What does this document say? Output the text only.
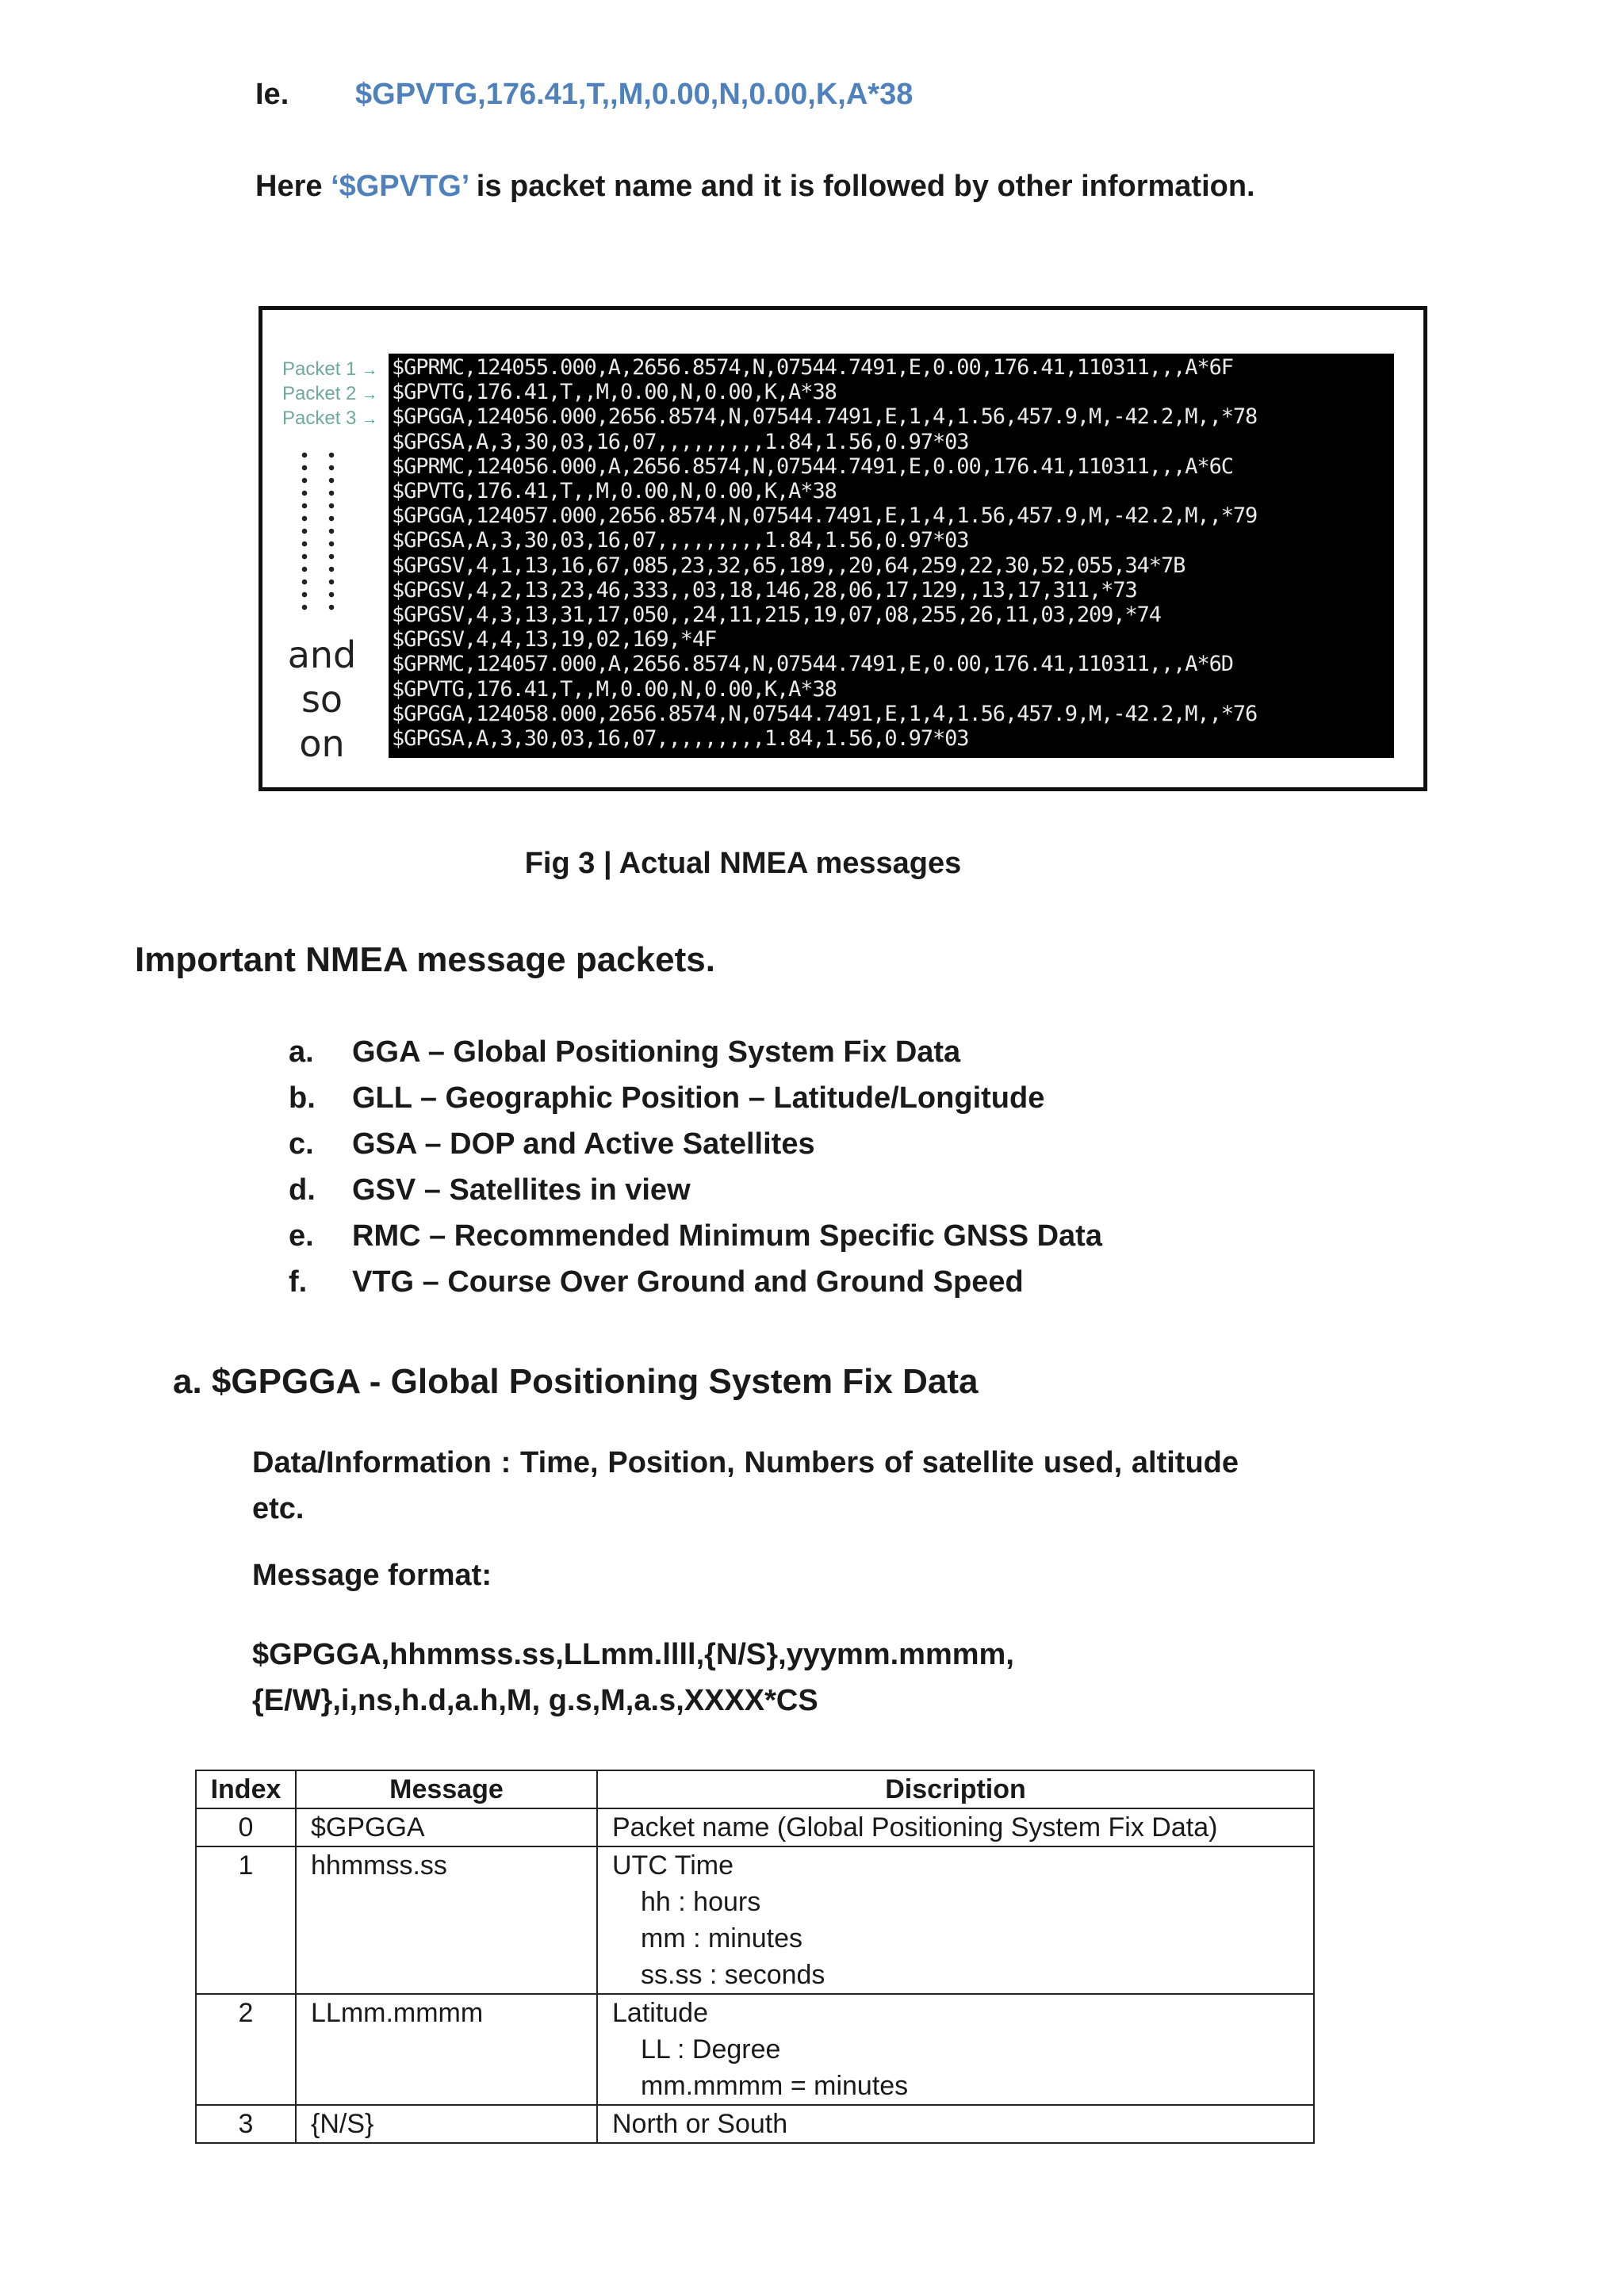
Ie. $GPVTG,176.41,T,,M,0.00,N,0.00,K,A*38
Here ‘$GPVTG’ is packet name and it is followed by other information.
Packet 1 →
Packet 2 →
Packet 3 →
and
so on
$GPRMC,124055.000,A,2656.8574,N,07544.7491,E,0.00,176.41,110311,,,A*6F
$GPVTG,176.41,T,,M,0.00,N,0.00,K,A*38
$GPGGA,124056.000,2656.8574,N,07544.7491,E,1,4,1.56,457.9,M,-42.2,M,,*78
$GPGSA,A,3,30,03,16,07,,,,,,,,,1.84,1.56,0.97*03
$GPRMC,124056.000,A,2656.8574,N,07544.7491,E,0.00,176.41,110311,,,A*6C
$GPVTG,176.41,T,,M,0.00,N,0.00,K,A*38
$GPGGA,124057.000,2656.8574,N,07544.7491,E,1,4,1.56,457.9,M,-42.2,M,,*79
$GPGSA,A,3,30,03,16,07,,,,,,,,,1.84,1.56,0.97*03
$GPGSV,4,1,13,16,67,085,23,32,65,189,,20,64,259,22,30,52,055,34*7B
$GPGSV,4,2,13,23,46,333,,03,18,146,28,06,17,129,,13,17,311,*73
$GPGSV,4,3,13,31,17,050,,24,11,215,19,07,08,255,26,11,03,209,*74
$GPGSV,4,4,13,19,02,169,*4F
$GPRMC,124057.000,A,2656.8574,N,07544.7491,E,0.00,176.41,110311,,,A*6D
$GPVTG,176.41,T,,M,0.00,N,0.00,K,A*38
$GPGGA,124058.000,2656.8574,N,07544.7491,E,1,4,1.56,457.9,M,-42.2,M,,*76
$GPGSA,A,3,30,03,16,07,,,,,,,,,1.84,1.56,0.97*03
Fig 3 | Actual NMEA messages
Important NMEA message packets.
a.	GGA – Global Positioning System Fix Data
b.	GLL – Geographic Position – Latitude/Longitude
c.	GSA – DOP and Active Satellites
d.	GSV – Satellites in view
e.	RMC – Recommended Minimum Specific GNSS Data
f.	VTG – Course Over Ground and Ground Speed
a. $GPGGA - Global Positioning System Fix Data
Data/Information : Time, Position, Numbers of satellite used, altitude etc.
Message format:
$GPGGA,hhmmss.ss,LLmm.llll,{N/S},yyymm.mmmm,{E/W},i,ns,h.d,a.h,M, g.s,M,a.s,XXXX*CS
Index	Message	Discription
0	$GPGGA	Packet name (Global Positioning System Fix Data)

1	hhmmss.ss	UTC Time
hh : hours
mm : minutes
ss.ss : seconds

2	LLmm.mmmm	Latitude
LL : Degree
mm.mmmm = minutes

3	{N/S}	North or South
